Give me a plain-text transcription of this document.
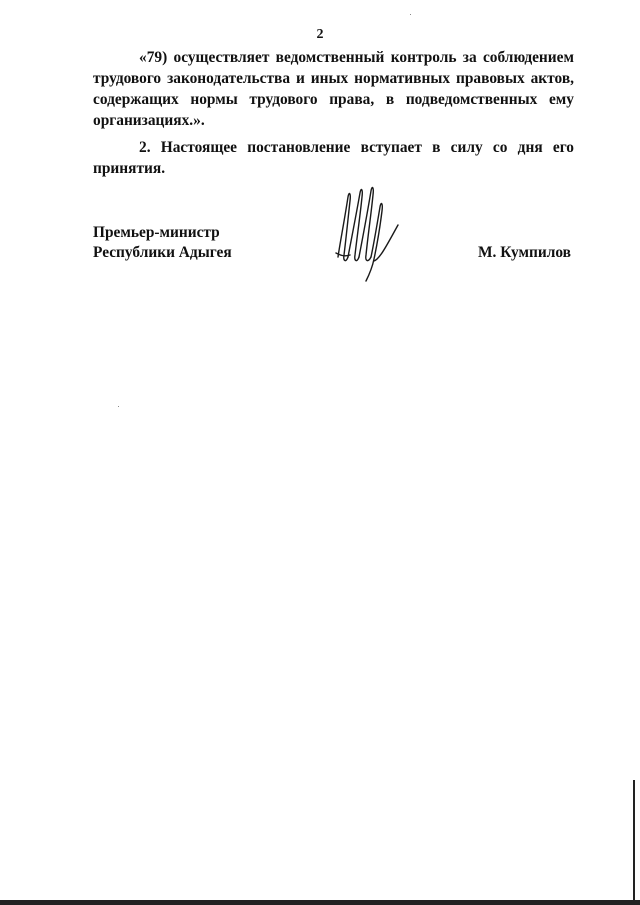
2
«79) осуществляет ведомственный контроль за соблюдением трудового законодательства и иных нормативных правовых актов, содержащих нормы трудового права, в подведомственных ему организациях.».
2. Настоящее постановление вступает в силу со дня его принятия.
Премьер-министр
Республики Адыгея	М. Кумпилов
